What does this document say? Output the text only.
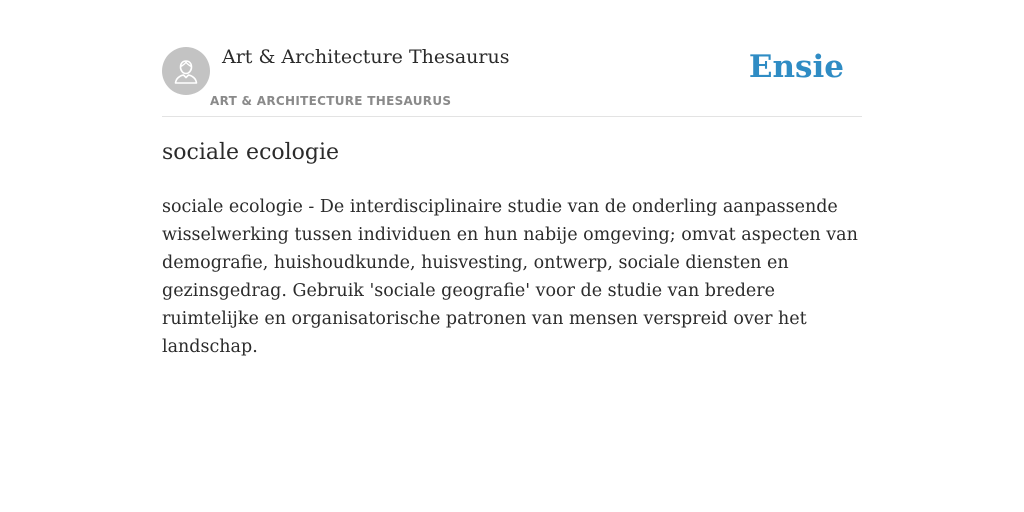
Art & Architecture Thesaurus
ART & ARCHITECTURE THESAURUS
Ensie
sociale ecologie

sociale ecologie - De interdisciplinaire studie van de onderling aanpassende wisselwerking tussen individuen en hun nabije omgeving; omvat aspecten van demografie, huishoudkunde, huisvesting, ontwerp, sociale diensten en gezinsgedrag. Gebruik 'sociale geografie' voor de studie van bredere ruimtelijke en organisatorische patronen van mensen verspreid over het landschap.
